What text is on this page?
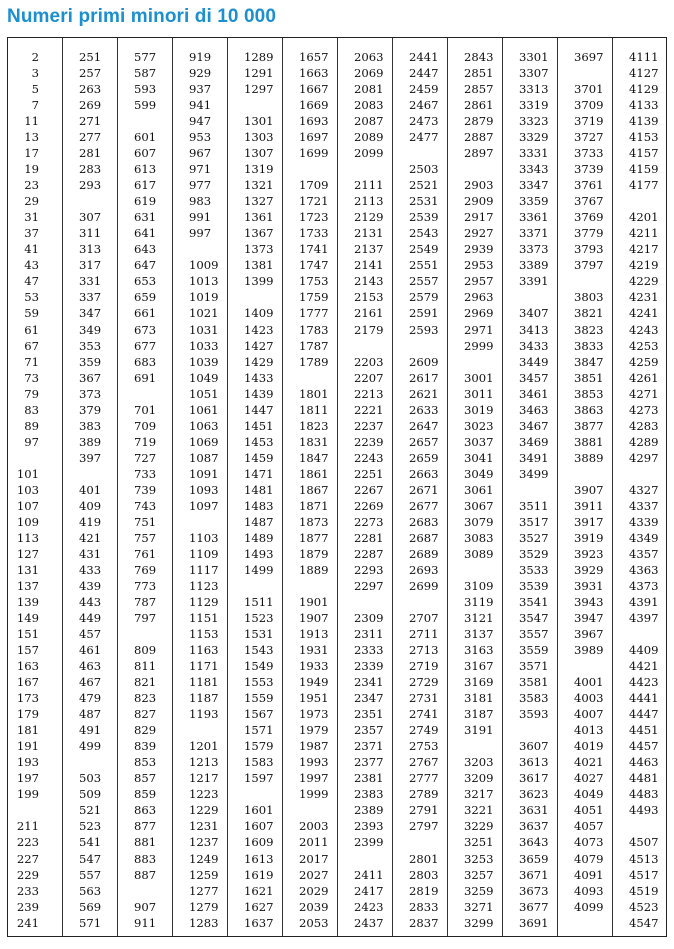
Numeri primi minori di 10 000
2
3
5
7
11
13
17
19
23
29
31
37
41
43
47
53
59
61
67
71
73
79
83
89
97
101
103
107
109
113
127
131
137
139
149
151
157
163
167
173
179
181
191
193
197
199
211
223
227
229
233
239
241
251
257
263
269
271
277
281
283
293
307
311
313
317
331
337
347
349
353
359
367
373
379
383
389
397
401
409
419
421
431
433
439
443
449
457
461
463
467
479
487
491
499
503
509
521
523
541
547
557
563
569
571
577
587
593
599
601
607
613
617
619
631
641
643
647
653
659
661
673
677
683
691
701
709
719
727
733
739
743
751
757
761
769
773
787
797
809
811
821
823
827
829
839
853
857
859
863
877
881
883
887
907
911
919
929
937
941
947
953
967
971
977
983
991
997
1009
1013
1019
1021
1031
1033
1039
1049
1051
1061
1063
1069
1087
1091
1093
1097
1103
1109
1117
1123
1129
1151
1153
1163
1171
1181
1187
1193
1201
1213
1217
1223
1229
1231
1237
1249
1259
1277
1279
1283
1289
1291
1297
1301
1303
1307
1319
1321
1327
1361
1367
1373
1381
1399
1409
1423
1427
1429
1433
1439
1447
1451
1453
1459
1471
1481
1483
1487
1489
1493
1499
1511
1523
1531
1543
1549
1553
1559
1567
1571
1579
1583
1597
1601
1607
1609
1613
1619
1621
1627
1637
1657
1663
1667
1669
1693
1697
1699
1709
1721
1723
1733
1741
1747
1753
1759
1777
1783
1787
1789
1801
1811
1823
1831
1847
1861
1867
1871
1873
1877
1879
1889
1901
1907
1913
1931
1933
1949
1951
1973
1979
1987
1993
1997
1999
2003
2011
2017
2027
2029
2039
2053
2063
2069
2081
2083
2087
2089
2099
2111
2113
2129
2131
2137
2141
2143
2153
2161
2179
2203
2207
2213
2221
2237
2239
2243
2251
2267
2269
2273
2281
2287
2293
2297
2309
2311
2333
2339
2341
2347
2351
2357
2371
2377
2381
2383
2389
2393
2399
2411
2417
2423
2437
2441
2447
2459
2467
2473
2477
2503
2521
2531
2539
2543
2549
2551
2557
2579
2591
2593
2609
2617
2621
2633
2647
2657
2659
2663
2671
2677
2683
2687
2689
2693
2699
2707
2711
2713
2719
2729
2731
2741
2749
2753
2767
2777
2789
2791
2797
2801
2803
2819
2833
2837
2843
2851
2857
2861
2879
2887
2897
2903
2909
2917
2927
2939
2953
2957
2963
2969
2971
2999
3001
3011
3019
3023
3037
3041
3049
3061
3067
3079
3083
3089
3109
3119
3121
3137
3163
3167
3169
3181
3187
3191
3203
3209
3217
3221
3229
3251
3253
3257
3259
3271
3299
3301
3307
3313
3319
3323
3329
3331
3343
3347
3359
3361
3371
3373
3389
3391
3407
3413
3433
3449
3457
3461
3463
3467
3469
3491
3499
3511
3517
3527
3529
3533
3539
3541
3547
3557
3559
3571
3581
3583
3593
3607
3613
3617
3623
3631
3637
3643
3659
3671
3673
3677
3691
3697
3701
3709
3719
3727
3733
3739
3761
3767
3769
3779
3793
3797
3803
3821
3823
3833
3847
3851
3853
3863
3877
3881
3889
3907
3911
3917
3919
3923
3929
3931
3943
3947
3967
3989
4001
4003
4007
4013
4019
4021
4027
4049
4051
4057
4073
4079
4091
4093
4099
4111
4127
4129
4133
4139
4153
4157
4159
4177
4201
4211
4217
4219
4229
4231
4241
4243
4253
4259
4261
4271
4273
4283
4289
4297
4327
4337
4339
4349
4357
4363
4373
4391
4397
4409
4421
4423
4441
4447
4451
4457
4463
4481
4483
4493
4507
4513
4517
4519
4523
4547
